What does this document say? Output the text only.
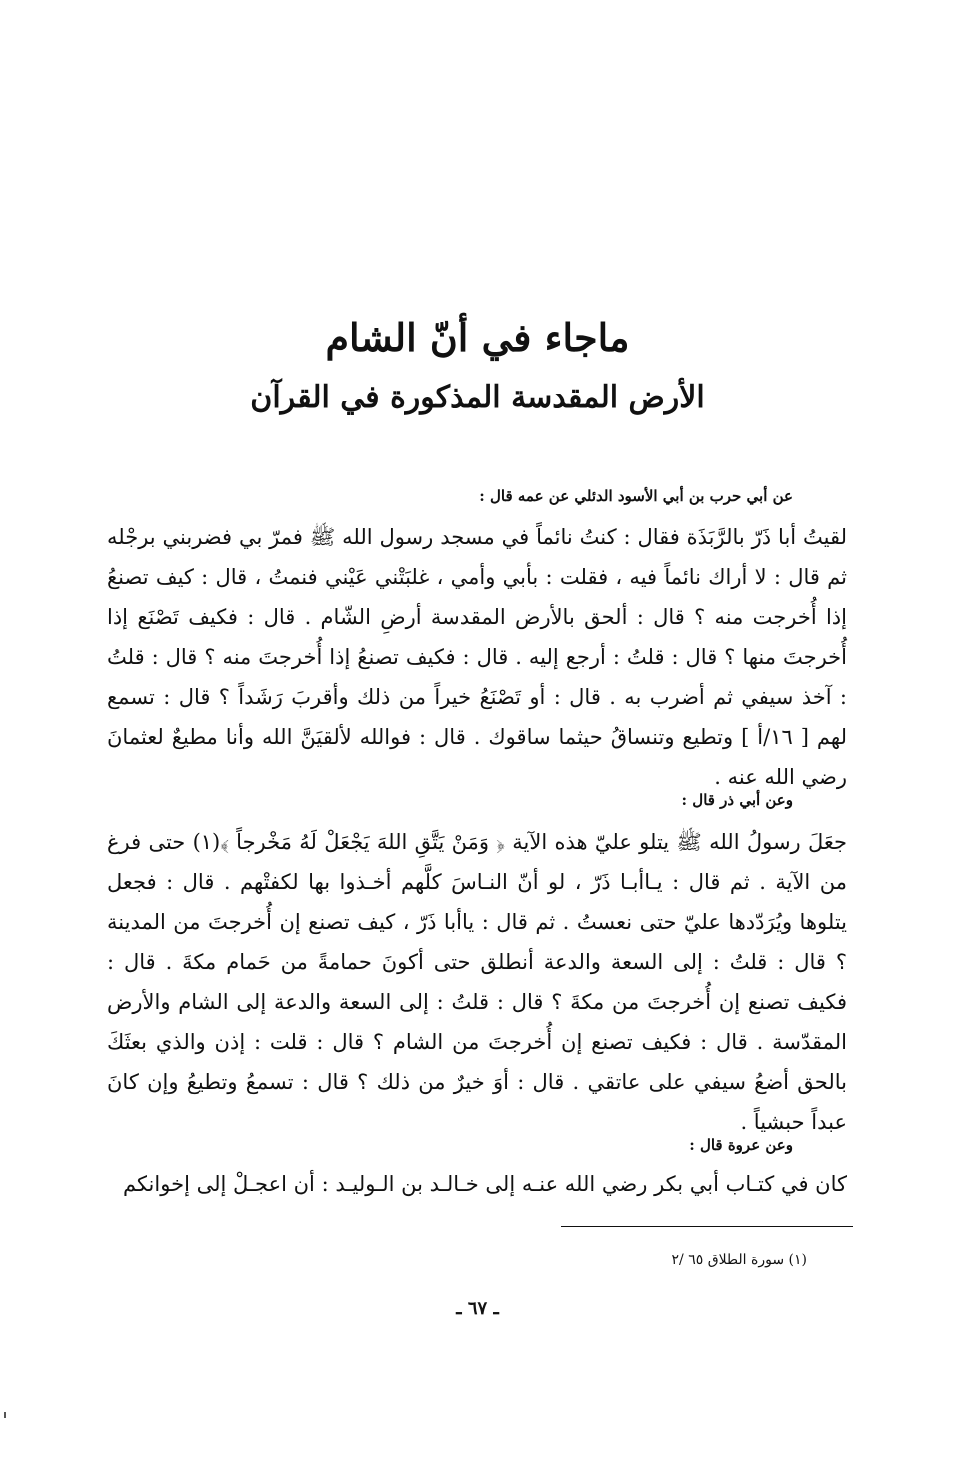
ماجاء في أنّ الشام
الأرض المقدسة المذكورة في القرآن

عن أبي حرب بن أبي الأسود الدئلي عن عمه قال :

لقيتُ أبا ذَرّ بالرَّبَذَة فقال : كنتُ نائماً في مسجد رسول الله ﷺ فمرّ بي فضربني برجْله ثم قال : لا أراك نائماً فيه ، فقلت : بأبي وأمي ، غلبَتْني عَيْني فنمتُ ، قال : كيف تصنعُ إذا أُخرجت منه ؟ قال : ألحق بالأرض المقدسة أرضِ الشّام . قال : فكيف تَصْنَع إذا أُخرجتَ منها ؟ قال : قلتُ : أرجع إليه . قال : فكيف تصنعُ إذا أُخرجتَ منه ؟ قال : قلتُ : آخذ سيفي ثم أضرب به . قال : أو تَصْنَعُ خيراً من ذلك وأقربَ رَشَداً ؟ قال : تسمع لهم [ ١٦/أ ] وتطيع وتنساقُ حيثما ساقوك . قال : فوالله لألقيَنَّ الله وأنا مطيعٌ لعثمانَ رضي الله عنه .

وعن أبي ذر قال :

جعَلَ رسولُ الله ﷺ يتلو عليّ هذه الآية ﴿ وَمَنْ يَتَّقِ اللهَ يَجْعَلْ لَهُ مَخْرجاً ﴾(١) حتى فرغ من الآية . ثم قال : يـاأبـا ذَرّ ، لو أنّ النـاسَ كلَّهم أخـذوا بها لكفتْهم . قال : فجعل يتلوها ويُرَدّدها عليّ حتى نعستُ . ثم قال : ياأبا ذَرّ ، كيف تصنع إن أُخرجتَ من المدينة ؟ قال : قلتُ : إلى السعة والدعة أنطلق حتى أكونَ حمامةً من حَمام مكةَ . قال : فكيف تصنع إن أُخرجتَ من مكةَ ؟ قال : قلتُ : إلى السعة والدعة إلى الشام والأرض المقدّسة . قال : فكيف تصنع إن أُخرجتَ من الشام ؟ قال : قلت : إذن والذي بعثَكَ بالحق أضعُ سيفي على عاتقي . قال : أوَ خيرٌ من ذلك ؟ قال : تسمعُ وتطيعُ وإن كانَ عبداً حبشياً .

وعن عروة قال :

كان في كتـاب أبي بكر رضي الله عنـه إلى خـالـد بن الـوليـد : أن اعجـلْ إلى إخوانكم

(١) سورة الطلاق ٦٥ /٢

ـ ٦٧ ـ
